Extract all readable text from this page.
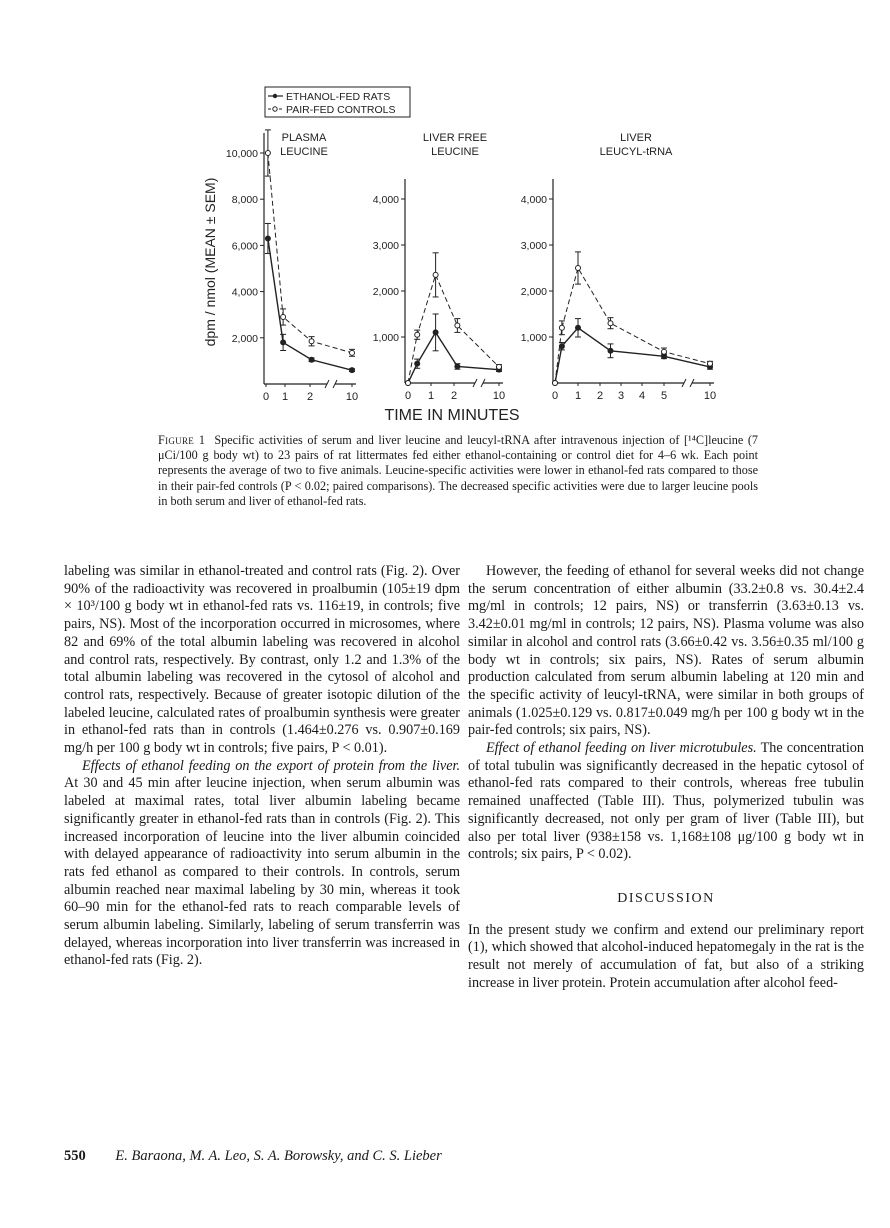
ETHANOL-FED RATS
PAIR-FED CONTROLS
dpm / nmol (MEAN ± SEM)
PLASMA
LEUCINE
LIVER FREE
LEUCINE
LIVER
LEUCYL-tRNA
TIME IN MINUTES
2,000
4,000
6,000
8,000
10,000
0 1 2	10
1,000
2,000
3,000
4,000
0 1 2	10
1,000
2,000
3,000
4,000
0 1 2 3 4 5	10
Figure 1 Specific activities of serum and liver leucine and leucyl-tRNA after intravenous injection of [¹⁴C]leucine (7 μCi/100 g body wt) to 23 pairs of rat littermates fed either ethanol-containing or control diet for 4–6 wk. Each point represents the average of two to five animals. Leucine-specific activities were lower in ethanol-fed rats compared to those in their pair-fed controls (P < 0.02; paired comparisons). The decreased specific activities were due to larger leucine pools in both serum and liver of ethanol-fed rats.

labeling was similar in ethanol-treated and control rats (Fig. 2). Over 90% of the radioactivity was recovered in proalbumin (105±19 dpm × 10³/100 g body wt in ethanol-fed rats vs. 116±19, in controls; five pairs, NS). Most of the incorporation occurred in microsomes, where 82 and 69% of the total albumin labeling was recovered in alcohol and control rats, respectively. By contrast, only 1.2 and 1.3% of the total albumin labeling was recovered in the cytosol of alcohol and control rats, respectively. Because of greater isotopic dilution of the labeled leucine, calculated rates of proalbumin synthesis were greater in ethanol-fed rats than in controls (1.464±0.276 vs. 0.907±0.169 mg/h per 100 g body wt in controls; five pairs, P < 0.01).

Effects of ethanol feeding on the export of protein from the liver. At 30 and 45 min after leucine injection, when serum albumin was labeled at maximal rates, total liver albumin labeling became significantly greater in ethanol-fed rats than in controls (Fig. 2). This increased incorporation of leucine into the liver albumin coincided with delayed appearance of radioactivity into serum albumin in the rats fed ethanol as compared to their controls. In controls, serum albumin reached near maximal labeling by 30 min, whereas it took 60–90 min for the ethanol-fed rats to reach comparable levels of serum albumin labeling. Similarly, labeling of serum transferrin was delayed, whereas incorporation into liver transferrin was increased in ethanol-fed rats (Fig. 2).

However, the feeding of ethanol for several weeks did not change the serum concentration of either albumin (33.2±0.8 vs. 30.4±2.4 mg/ml in controls; 12 pairs, NS) or transferrin (3.63±0.13 vs. 3.42±0.01 mg/ml in controls; 12 pairs, NS). Plasma volume was also similar in alcohol and control rats (3.66±0.42 vs. 3.56±0.35 ml/100 g body wt in controls; six pairs, NS). Rates of serum albumin production calculated from serum albumin labeling at 120 min and the specific activity of leucyl-tRNA, were similar in both groups of animals (1.025±0.129 vs. 0.817±0.049 mg/h per 100 g body wt in the pair-fed controls; six pairs, NS).

Effect of ethanol feeding on liver microtubules. The concentration of total tubulin was significantly decreased in the hepatic cytosol of ethanol-fed rats compared to their controls, whereas free tubulin remained unaffected (Table III). Thus, polymerized tubulin was significantly decreased, not only per gram of liver (Table III), but also per total liver (938±158 vs. 1,168±108 μg/100 g body wt in controls; six pairs, P < 0.02).

DISCUSSION

In the present study we confirm and extend our preliminary report (1), which showed that alcohol-induced hepatomegaly in the rat is the result not merely of accumulation of fat, but also of a striking increase in liver protein. Protein accumulation after alcohol feed-

550 E. Baraona, M. A. Leo, S. A. Borowsky, and C. S. Lieber
